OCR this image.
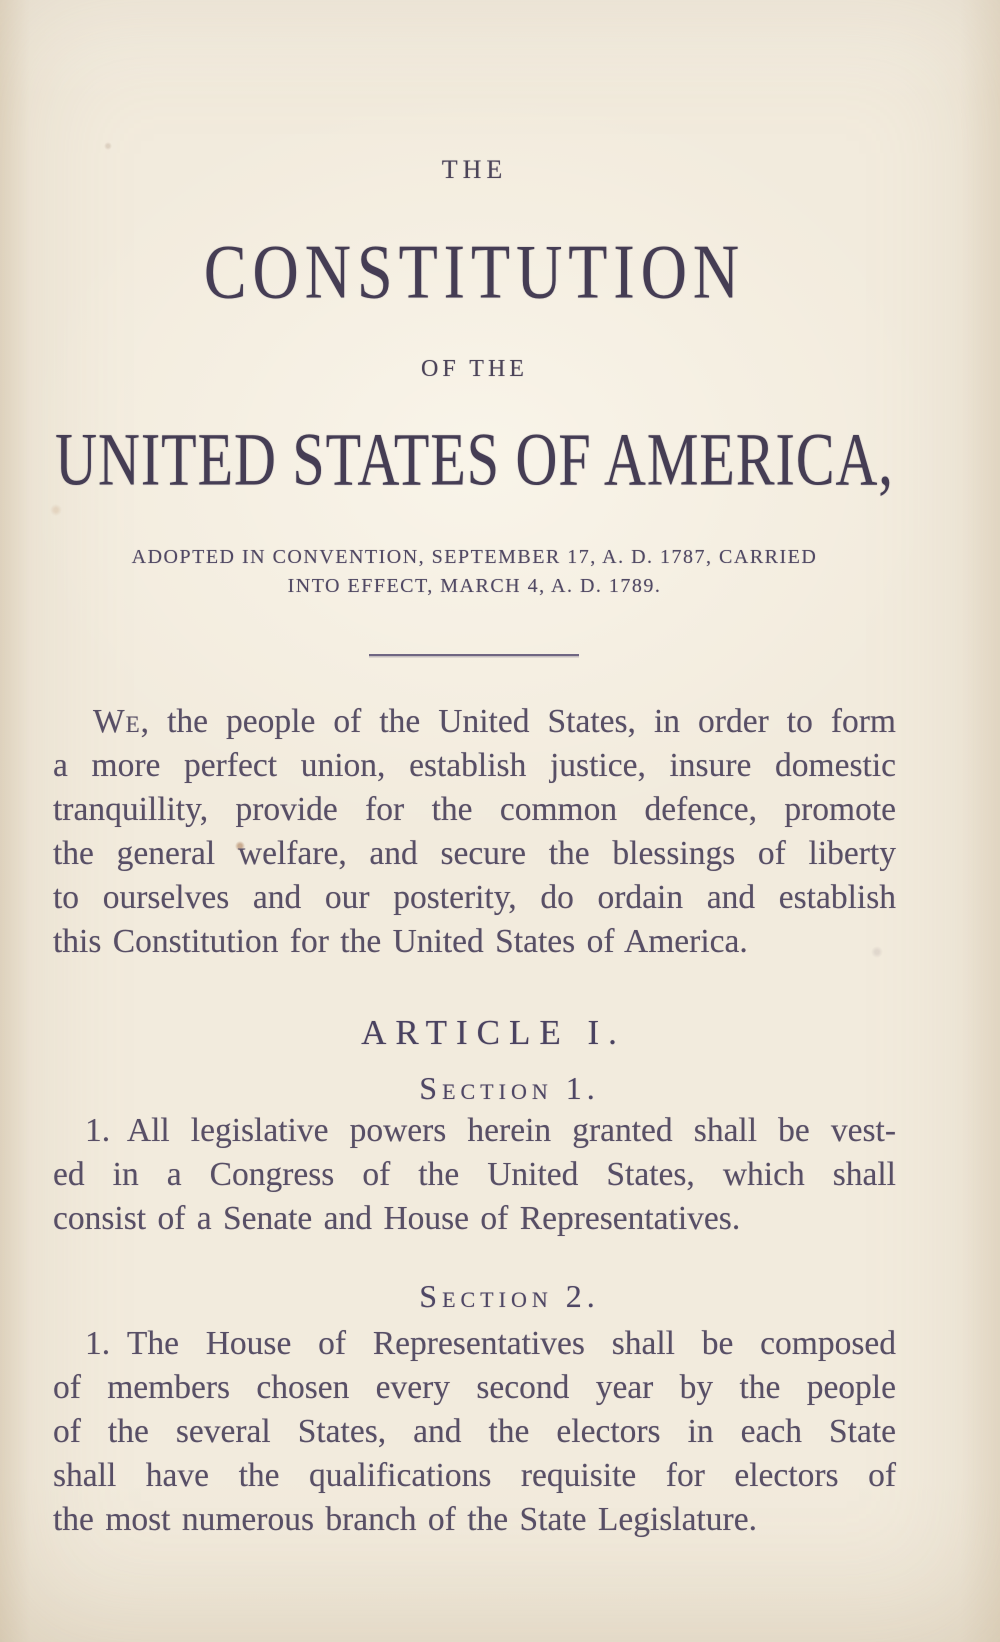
THE
CONSTITUTION
OF THE
UNITED STATES OF AMERICA,
ADOPTED IN CONVENTION, SEPTEMBER 17, A. D. 1787, CARRIED
INTO EFFECT, MARCH 4, A. D. 1789.
We, the people of the United States, in order to form
a more perfect union, establish justice, insure domestic
tranquillity, provide for the common defence, promote
the general welfare, and secure the blessings of liberty
to ourselves and our posterity, do ordain and establish
this Constitution for the United States of America.
ARTICLE I.
Section 1.
1. All legislative powers herein granted shall be vest-
ed in a Congress of the United States, which shall
consist of a Senate and House of Representatives.
Section 2.
1. The House of Representatives shall be composed
of members chosen every second year by the people
of the several States, and the electors in each State
shall have the qualifications requisite for electors of
the most numerous branch of the State Legislature.
